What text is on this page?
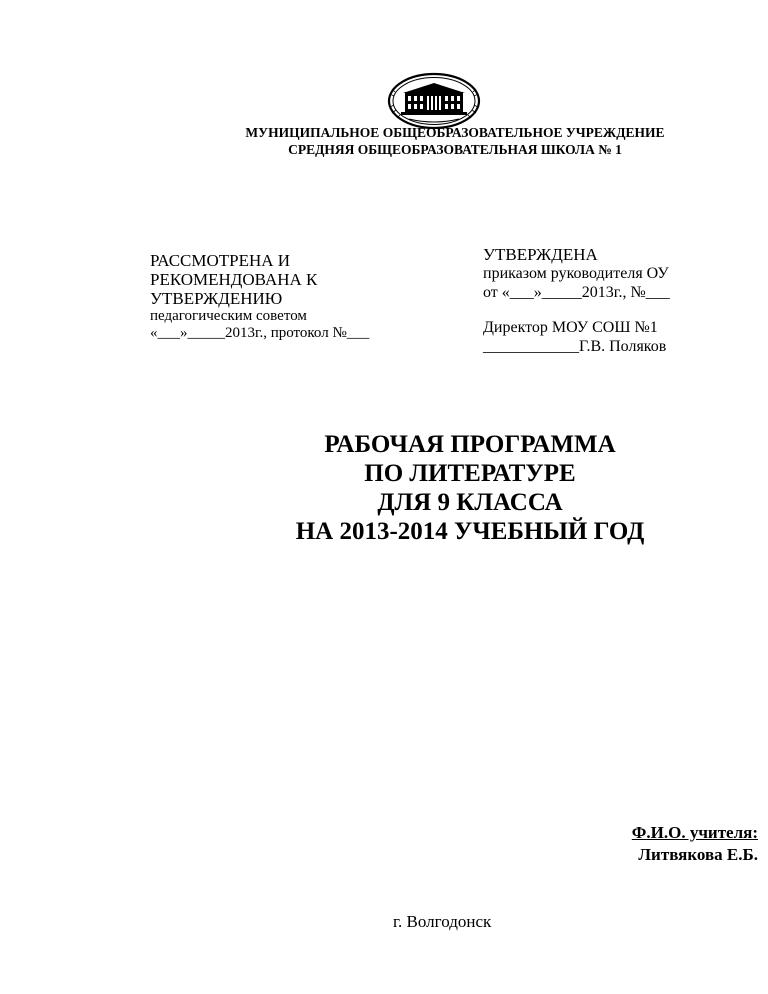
МУНИЦИПАЛЬНОЕ ОБЩЕОБРАЗОВАТЕЛЬНОЕ УЧРЕЖДЕНИЕ
СРЕДНЯЯ ОБЩЕОБРАЗОВАТЕЛЬНАЯ ШКОЛА № 1
РАССМОТРЕНА И
РЕКОМЕНДОВАНА К
УТВЕРЖДЕНИЮ
педагогическим советом
«___»_____2013г., протокол №___
УТВЕРЖДЕНА
приказом руководителя ОУ
от «___»_____2013г., №___
Директор МОУ СОШ №1
____________Г.В. Поляков
РАБОЧАЯ ПРОГРАММА
ПО ЛИТЕРАТУРЕ
ДЛЯ 9 КЛАССА
НА 2013-2014 УЧЕБНЫЙ ГОД
Ф.И.О. учителя:
Литвякова Е.Б.
г. Волгодонск
